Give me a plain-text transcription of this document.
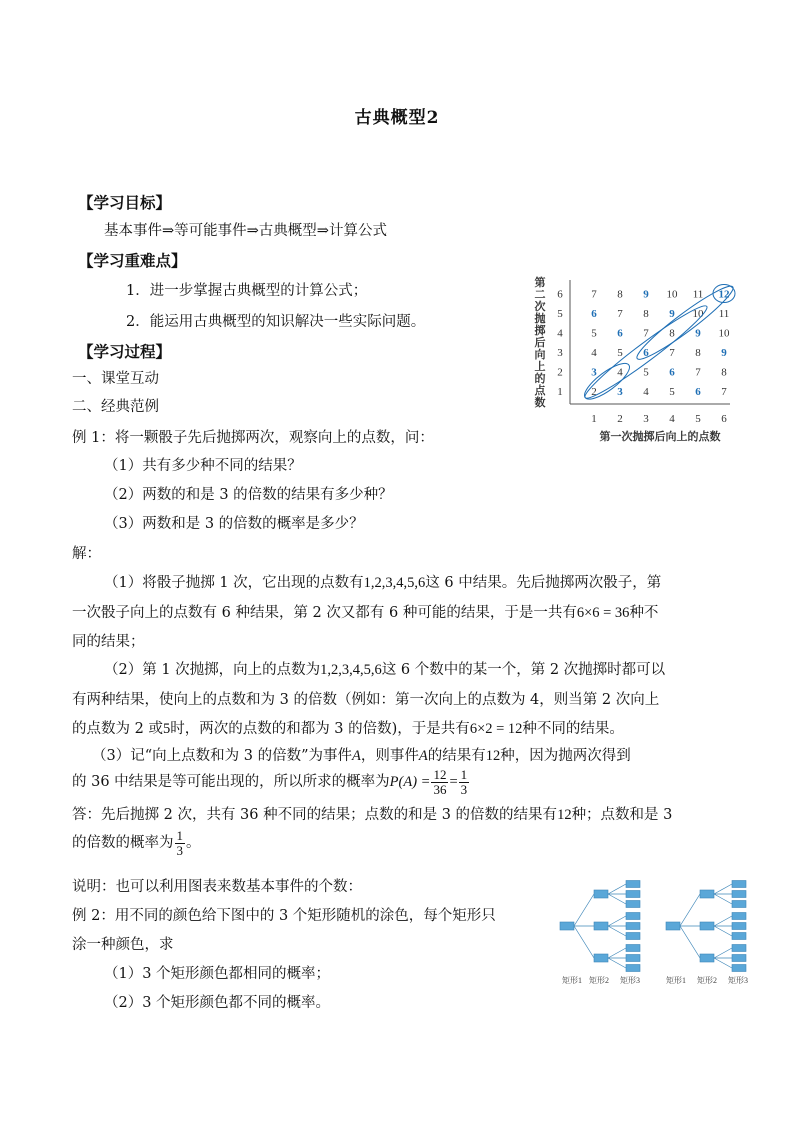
古典概型2
【学习目标】
基本事件⇒等可能事件⇒古典概型⇒计算公式
【学习重难点】
1．进一步掌握古典概型的计算公式；
2．能运用古典概型的知识解决一些实际问题。
【学习过程】
一、课堂互动
二、经典范例
第
二
次
抛
掷
后
向
上
的
点
数
1
2
3
4
5
6
1 2 3 4 5 6
2 3 4 5 6 7
3 4 5 6 7 8
4 5 6 7 8 9
5 6 7 8 9 10
6 7 8 9 10 11
7 8 9 10 11 12
第一次抛掷后向上的点数
例 1：将一颗骰子先后抛掷两次，观察向上的点数，问：
（1）共有多少种不同的结果？
（2）两数的和是 3 的倍数的结果有多少种？
（3）两数和是 3 的倍数的概率是多少？
解：
（1）将骰子抛掷 1 次，它出现的点数有1,2,3,4,5,6这 6 中结果。先后抛掷两次骰子，第
一次骰子向上的点数有 6 种结果，第 2 次又都有 6 种可能的结果，于是一共有6×6 = 36种不
同的结果；
（2）第 1 次抛掷，向上的点数为1,2,3,4,5,6这 6 个数中的某一个，第 2 次抛掷时都可以
有两种结果，使向上的点数和为 3 的倍数（例如：第一次向上的点数为 4，则当第 2 次向上
的点数为 2 或5时，两次的点数的和都为 3 的倍数)，于是共有6×2 = 12种不同的结果。
（3）记“向上点数和为 3 的倍数”为事件A，则事件A的结果有12种，因为抛两次得到
的 36 中结果是等可能出现的，所以所求的概率为$P(A) = \frac{12}{36} = \frac{1}{3}$
答：先后抛掷 2 次，共有 36 种不同的结果；点数的和是 3 的倍数的结果有12种；点数和是 3
的倍数的概率为 $\frac{1}{3}$ 。
说明：也可以利用图表来数基本事件的个数：
例 2：用不同的颜色给下图中的 3 个矩形随机的涂色，每个矩形只
涂一种颜色，求
（1）3 个矩形颜色都相同的概率；
（2）3 个矩形颜色都不同的概率。
矩形1 矩形2 矩形3	矩形1 矩形2 矩形3
